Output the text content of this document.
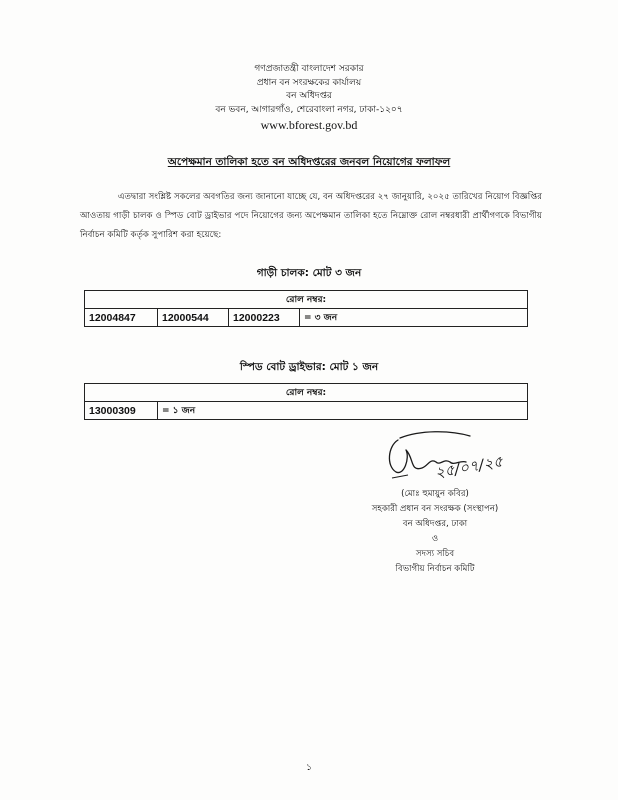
গণপ্রজাতন্ত্রী বাংলাদেশ সরকার
প্রধান বন সংরক্ষকের কার্যালয়
বন অধিদপ্তর
বন ভবন, আগারগাঁও, শেরেবাংলা নগর, ঢাকা-১২০৭
www.bforest.gov.bd
অপেক্ষমান তালিকা হতে বন অধিদপ্তরের জনবল নিয়োগের ফলাফল
এতদ্বারা সংশ্লিষ্ট সকলের অবগতির জন্য জানানো যাচ্ছে যে, বন অধিদপ্তরের ২৭ জানুয়ারি, ২০২৫ তারিখের নিয়োগ বিজ্ঞপ্তির আওতায় গাড়ী চালক ও স্পিড বোট ড্রাইভার পদে নিয়োগের জন্য অপেক্ষমান তালিকা হতে নিম্নোক্ত রোল নম্বরধারী প্রার্থীগণকে বিভাগীয় নির্বাচন কমিটি কর্তৃক সুপারিশ করা হয়েছে:
গাড়ী চালক: মোট ৩ জন
রোল নম্বর:
12004847	12000544	12000223	= ৩ জন
স্পিড বোট ড্রাইভার: মোট ১ জন
রোল নম্বর:
13000309	= ১ জন
২৫/০৭/২৫
(মোঃ হুমায়ুন কবির)
সহকারী প্রধান বন সংরক্ষক (সংস্থাপন)
বন অধিদপ্তর, ঢাকা
ও
সদস্য সচিব
বিভাগীয় নির্বাচন কমিটি
১
